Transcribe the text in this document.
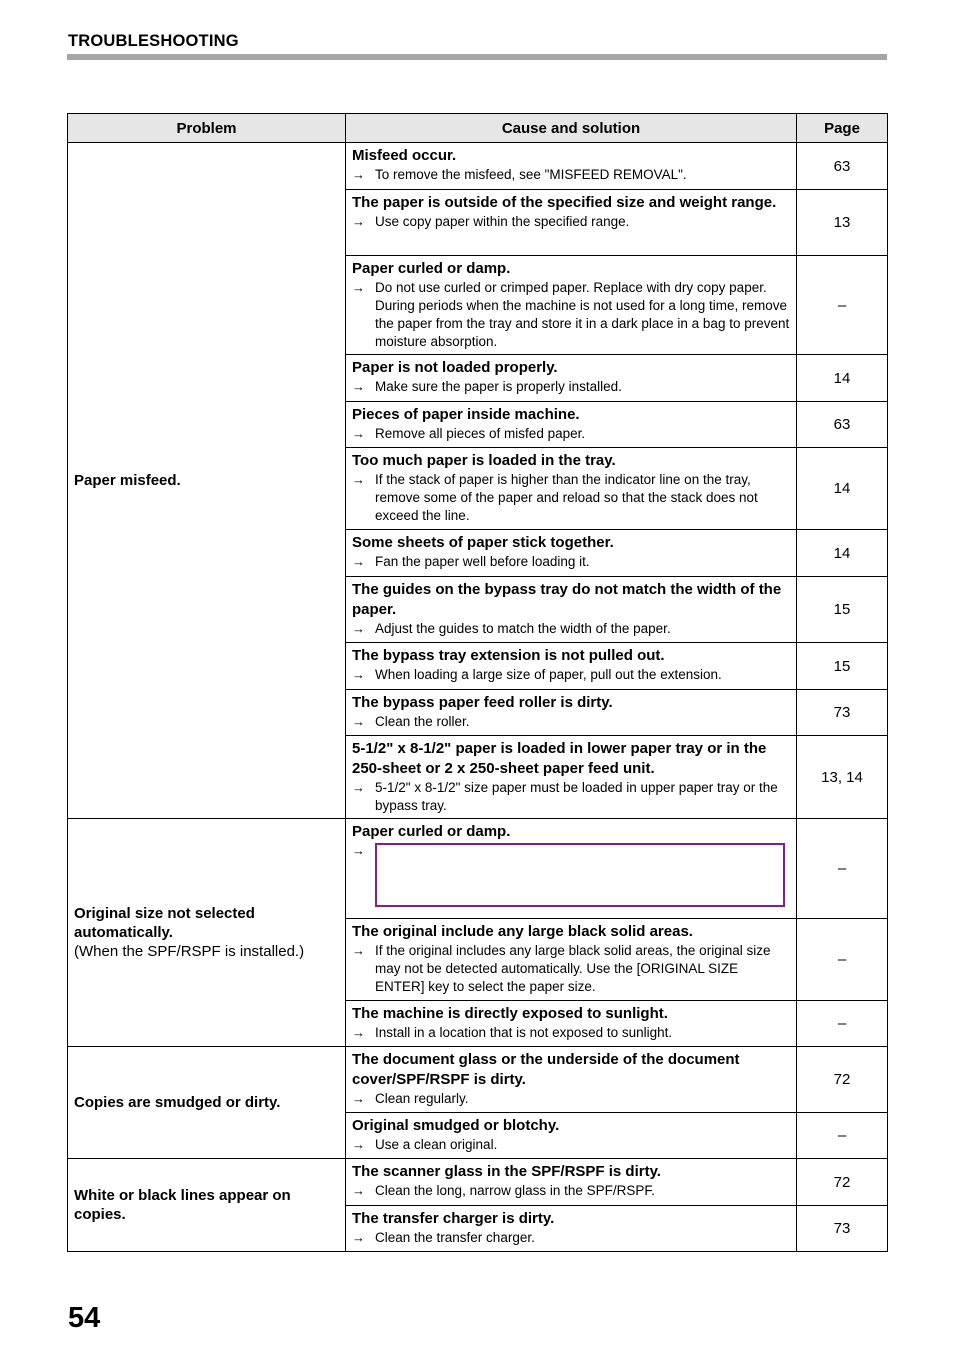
TROUBLESHOOTING
Problem	Cause and solution	Page
Paper misfeed.	Misfeed occur.
→ To remove the misfeed, see "MISFEED REMOVAL".	63

	The paper is outside of the specified size and weight range.
→ Use copy paper within the specified range.	13

	Paper curled or damp.
→ Do not use curled or crimped paper. Replace with dry copy paper. During periods when the machine is not used for a long time, remove the paper from the tray and store it in a dark place in a bag to prevent moisture absorption.	–

	Paper is not loaded properly.
→ Make sure the paper is properly installed.	14

	Pieces of paper inside machine.
→ Remove all pieces of misfed paper.	63

	Too much paper is loaded in the tray.
→ If the stack of paper is higher than the indicator line on the tray, remove some of the paper and reload so that the stack does not exceed the line.	14

	Some sheets of paper stick together.
→ Fan the paper well before loading it.	14

	The guides on the bypass tray do not match the width of the paper.
→ Adjust the guides to match the width of the paper.	15

	The bypass tray extension is not pulled out.
→ When loading a large size of paper, pull out the extension.	15

	The bypass paper feed roller is dirty.
→ Clean the roller.	73

	5-1/2" x 8-1/2" paper is loaded in lower paper tray or in the 250-sheet or 2 x 250-sheet paper feed unit.
→ 5-1/2" x 8-1/2" size paper must be loaded in upper paper tray or the bypass tray.	13, 14
Original size not selected automatically.
(When the SPF/RSPF is installed.)	Paper curled or damp.
→	–

	The original include any large black solid areas.
→ If the original includes any large black solid areas, the original size may not be detected automatically. Use the [ORIGINAL SIZE ENTER] key to select the paper size.	–

	The machine is directly exposed to sunlight.
→ Install in a location that is not exposed to sunlight.	–
Copies are smudged or dirty.	The document glass or the underside of the document cover/SPF/RSPF is dirty.
→ Clean regularly.	72

	Original smudged or blotchy.
→ Use a clean original.	–
White or black lines appear on copies.	The scanner glass in the SPF/RSPF is dirty.
→ Clean the long, narrow glass in the SPF/RSPF.	72

	The transfer charger is dirty.
→ Clean the transfer charger.	73
54
